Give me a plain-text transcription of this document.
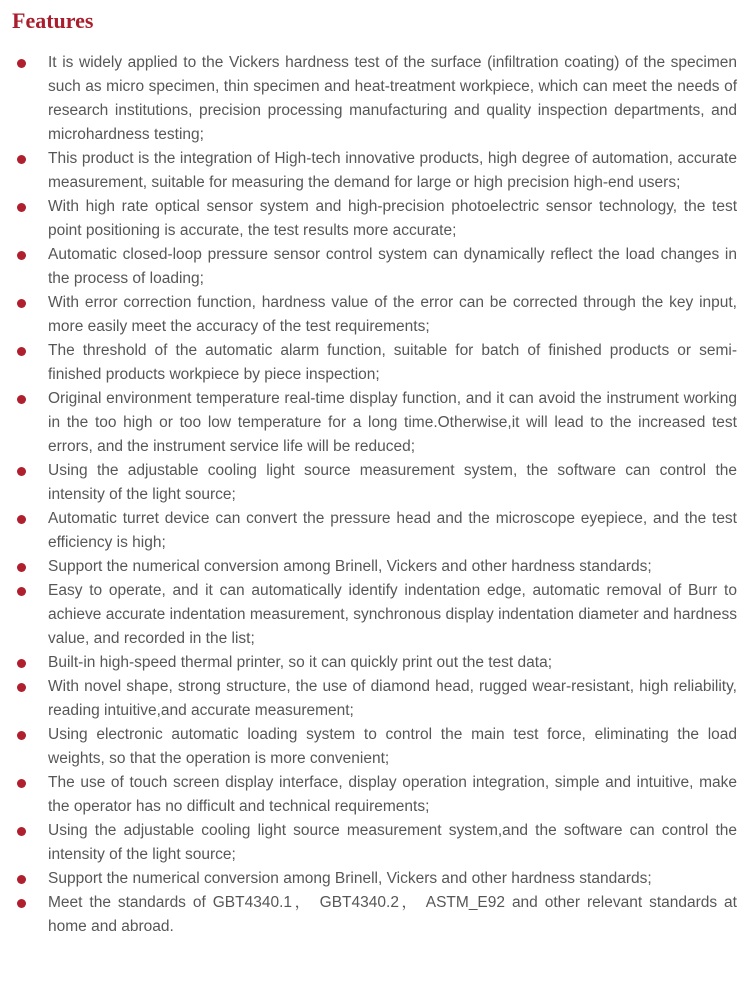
Features
It is widely applied to the Vickers hardness test of the surface (infiltration coating) of the specimen such as micro specimen, thin specimen and heat-treatment workpiece, which can meet the needs of research institutions, precision processing manufacturing and quality inspection departments, and microhardness testing;
This product is the integration of High-tech innovative products, high degree of automation, accurate measurement, suitable for measuring the demand for large or high precision high-end users;
With high rate optical sensor system and high-precision photoelectric sensor technology, the test point positioning is accurate, the test results more accurate;
Automatic closed-loop pressure sensor control system can dynamically reflect the load changes in the process of loading;
With error correction function, hardness value of the error can be corrected through the key input, more easily meet the accuracy of the test requirements;
The threshold of the automatic alarm function, suitable for batch of finished products or semi-finished products workpiece by piece inspection;
Original environment temperature real-time display function, and it can avoid the instrument working in the too high or too low temperature for a long time.Otherwise,it will lead to the increased test errors, and the instrument service life will be reduced;
Using the adjustable cooling light source measurement system, the software can control the intensity of the light source;
Automatic turret device can convert the pressure head and the microscope eyepiece, and the test efficiency is high;
Support the numerical conversion among Brinell, Vickers and other hardness standards;
Easy to operate, and it can automatically identify indentation edge, automatic removal of Burr to achieve accurate indentation measurement, synchronous display indentation diameter and hardness value, and recorded in the list;
Built-in high-speed thermal printer, so it can quickly print out the test data;
With novel shape, strong structure, the use of diamond head, rugged wear-resistant, high reliability, reading intuitive,and accurate measurement;
Using electronic automatic loading system to control the main test force, eliminating the load weights, so that the operation is more convenient;
The use of touch screen display interface, display operation integration, simple and intuitive, make the operator has no difficult and technical requirements;
Using the adjustable cooling light source measurement system,and the software can control the intensity of the light source;
Support the numerical conversion among Brinell, Vickers and other hardness standards;
Meet the standards of GBT4340.1， GBT4340.2， ASTM_E92 and other relevant standards at home and abroad.
